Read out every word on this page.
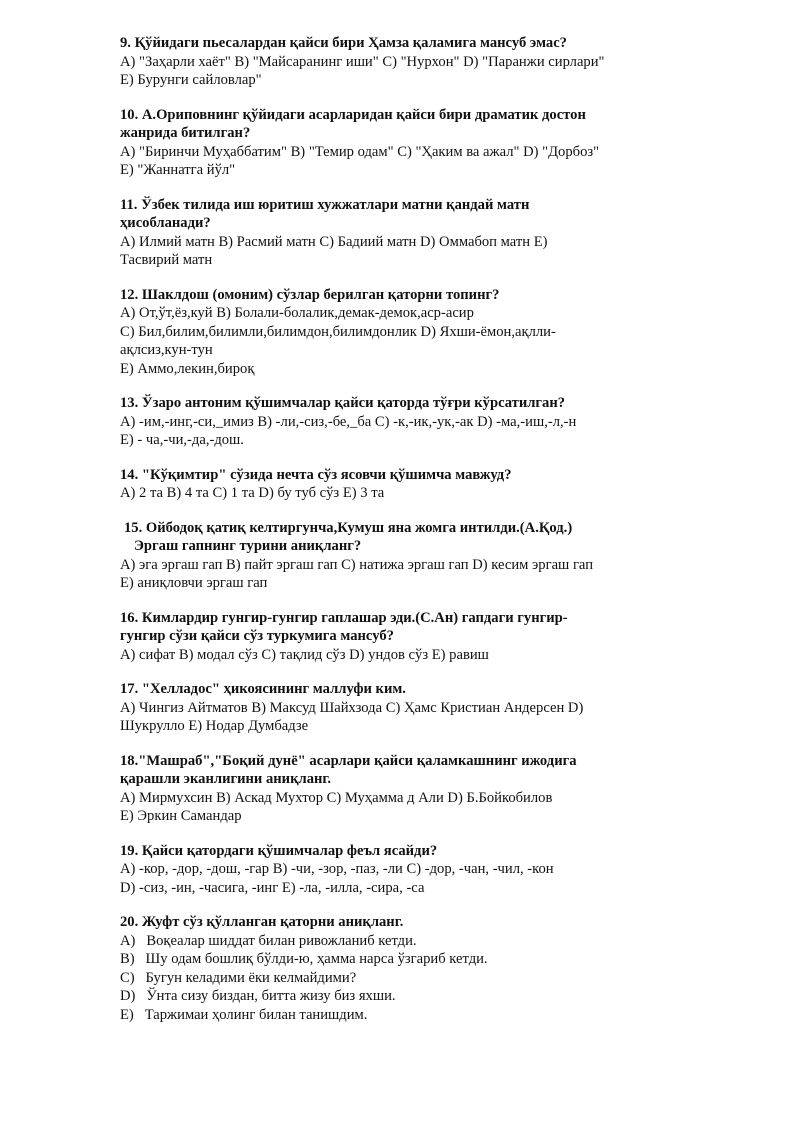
9. Қўйидаги пьесалардан қайси бири Ҳамза қаламига мансуб эмас?
A) "Заҳарли хаёт" B) "Майсаранинг иши" C) "Нурхон" D) "Паранжи сирлари"
E) Бурунги сайловлар"
10. А.Ориповнинг қўйидаги асарларидан қайси бири драматик достон
жанрида битилган?
A) "Биринчи Муҳаббатим" B) "Темир одам" C) "Ҳаким ва ажал" D) "Дорбоз"
E) "Жаннатга йўл"
11. Ўзбек тилида иш юритиш хужжатлари матни қандай матн
ҳисобланади?
A) Илмий матн B) Расмий матн C) Бадиий матн D) Оммабоп матн E)
Тасвирий матн
12. Шаклдош (омоним) сўзлар берилган қаторни топинг?
A) От,ўт,ёз,куй B) Болали-болалик,демак-демок,аср-асир
C) Бил,билим,билимли,билимдон,билимдонлик D) Яхши-ёмон,ақлли-
ақлсиз,кун-тун
E) Аммо,лекин,бироқ
13. Ўзаро антоним қўшимчалар қайси қаторда тўғри кўрсатилган?
A) -им,-инг,-си,_имиз B) -ли,-сиз,-бе,_ба C) -к,-ик,-ук,-ак D) -ма,-иш,-л,-н
E) - ча,-чи,-да,-дош.
14. "Кўқимтир" сўзида нечта сўз ясовчи қўшимча мавжуд?
A) 2 та B) 4 та C) 1 та D) бу туб сўз E) 3 та
15. Ойбодоқ қатиқ келтиргунча,Кумуш яна жомга интилди.(А.Қод.)
Эргаш гапнинг турини аниқланг?
A) эга эргаш гап B) пайт эргаш гап C) натижа эргаш гап D) кесим эргаш гап
E) аниқловчи эргаш гап
16. Кимлардир гунгир-гунгир гаплашар эди.(С.Ан) гапдаги гунгир-
гунгир сўзи қайси сўз туркумига мансуб?
A) сифат B) модал сўз C) тақлид сўз D) ундов сўз E) равиш
17. "Хелладос" ҳикоясининг маллуфи ким.
A) Чингиз Айтматов B) Максуд Шайхзода C) Ҳамс Кристиан Андерсен D)
Шукрулло E) Нодар Думбадзе
18."Машраб","Боқий дунё" асарлари қайси қаламкашнинг ижодига
қарашли эканлигини аниқланг.
A) Мирмухсин B) Аскад Мухтор C) Муҳамма д Али D) Б.Бойкобилов
E) Эркин Самандар
19. Қайси қатордаги қўшимчалар феъл ясайди?
A) -кор, -дор, -дош, -гар B) -чи, -зор, -паз, -ли C) -дор, -чан, -чил, -кон
D) -сиз, -ин, -часига, -инг E) -ла, -илла, -сира, -са
20. Жуфт сўз қўлланган қаторни аниқланг.
A)   Воқеалар шиддат билан ривожланиб кетди.
B)   Шу одам бошлиқ бўлди-ю, ҳамма нарса ўзгариб кетди.
C)   Бугун келадими ёки келмайдими?
D)   Ўнта сизу биздан, битта жизу биз яхши.
E)   Таржимаи ҳолинг билан танишдим.
